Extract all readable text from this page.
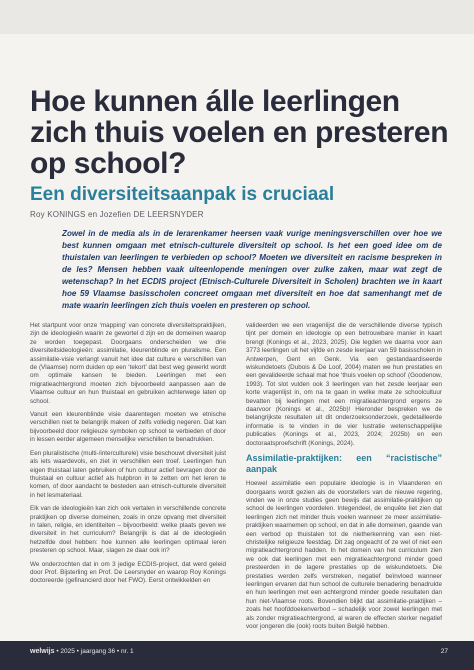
Hoe kunnen álle leerlingen zich thuis voelen en presteren op school?
Een diversiteitsaanpak is cruciaal
Roy KONINGS en Jozefien DE LEERSNYDER

Zowel in de media als in de lerarenkamer heersen vaak vurige meningsverschillen over hoe we best kunnen omgaan met etnisch-culturele diversiteit op school. Is het een goed idee om de thuistalen van leerlingen te verbieden op school? Moeten we diversiteit en racisme bespreken in de les? Mensen hebben vaak uiteenlopende meningen over zulke zaken, maar wat zegt de wetenschap? In het ECDIS project (Etnisch-Culturele Diversiteit in Scholen) brachten we in kaart hoe 59 Vlaamse basisscholen concreet omgaan met diversiteit en hoe dat samenhangt met de mate waarin leerlingen zich thuis voelen en presteren op school.

Het startpunt voor onze ‘mapping’ van concrete diversiteitspraktijken, zijn de ideologieën waarin ze gewortel d zijn en de domeinen waarop ze worden toegepast. Doorgaans onderscheiden we drie diversiteitsideologieën: assimilatie, kleurenblinde en pluralisme. Een assimilatie-visie verlangt vanuit het idee dat culture e verschillen van de (Vlaamse) norm duiden op een ‘tekort’ dat best weg gewerkt wordt om optimale kansen te bieden. Leerlingen met een migratieachtergrond moeten zich bijvoorbeeld aanpassen aan de Vlaamse cultuur en hun thuistaal en gebruiken achterwege laten op school.

Vanuit een kleurenblinde visie daarentegen moeten we etnische verschillen niet te belangrijk maken of zelfs volledig negeren. Dat kan bijvoorbeeld door religieuze symbolen op school te verbieden of door in lessen eerder algemeen menselijke verschillen te benadrukken.

Een pluralistische (multi-/interculturele) visie beschouwt diversiteit juist als iets waardevols, en ziet in verschillen een troef. Leerlingen hun eigen thuistaal laten gebruiken of hun cultuur actief bevragen door de thuistaal en cultuur actief als hulpbron in te zetten om het leren te komen, of door aandacht te besteden aan etnisch-culturele diversiteit in het lesmateriaal.

Elk van de ideologieën kan zich ook vertalen in verschillende concrete praktijken op diverse domeinen, zoals in onze opvang met diversiteit in talen, religie, en identiteiten – bijvoorbeeld: welke plaats geven we diversiteit in het curriculum? Belangrijk is dat al de ideologieën hetzelfde doel hebben: hoe kunnen alle leerlingen optimaal leren presteren op school. Maar, slagen ze daar ook in?

We onderzochten dat in om 3 jedige ECDIS-project, dat werd geleid door Prof. Bijsterling en Prof. De Leersnyder en waarop Roy Konings doctoreerde (gefinancierd door het FWO). Eerst ontwikkelden en

valideerden we een vragenlijst die de verschillende diverse typisch tijnt per domein en ideologie op een betrouwbare manier in kaart brengt (Konings et al., 2023, 2025). Die legden we daarna voor aan 3773 leerlingen uit het vijfde en zesde leerjaar van 59 basisscholen in Antwerpen, Gent en Genk. Via een gestandaardiseerde wiskundetoets (Dubois & De Loof, 2004) maten we hun prestaties en een gevalideerde schaal mat hoe ‘thuis voelen op school’ (Goodenow, 1993). Tot slot vulden ook 3 leerlingen van het zesde leerjaar een korte vragenlijst in, om na te gaan in welke mate ze schoolcultuur bevatten bij leerlingen met een migratieachtergrond ergens ze daarvoor (Konings et al., 2025b)! Hieronder bespreken we de belangrijkste resultaten uit dit onderzoeksonderzoek, gedetailleerde informatie is te vinden in de vier lustratie wetenschappelijke publicaties (Konings et al., 2023, 2024; 2025b) en een doctoraatsproefschrift (Konings, 2024).

Assimilatie-praktijken: een “racistische” aanpak

Hoewel assimilatie een populaire ideologie is in Vlaanderen en doorgaans wordt gezien als de voorstellers van de nieuwe regering, vinden we in onze studies geen bewijs dat assimilatie-praktijken op school de leerlingen voordelen. Integendeel, de enquête liet zien dat leerlingen zich net minder thuis voelen wanneer ze meer assimilatie-praktijken waarnemen op school, en dat in alle domeinen, gaande van een verbod op thuistalen tot de nietherkenning van een niet-christelijke religieuze feestdag. Dit zag ongeacht of ze wel of niet een migratieachtergrond hadden. In het domein van het curriculum zien we ook dat leerlingen met een migratieachtergrond minder goed presteerden in de lagere prestaties op de wiskundetoets. Die prestaties werden zelfs verstreken, negatief beïnvloed wanneer leerlingen ervaren dat hun school de culturele benadering benadrukte en hun leerlingen met een achtergrond minder goede resultaten dan hun niet-Vlaamse roots. Bovendien blijkt dat assimilatie-praktijken – zoals het hoofddoekenverbod – schadelijk voor zowel leerlingen met als zonder migratieachtergrond, al waren de effecten sterker negatief voor jongeren die (ook) roots buiten België hebben.

welwijs • 2025 • jaargang 36 • nr. 1	27
